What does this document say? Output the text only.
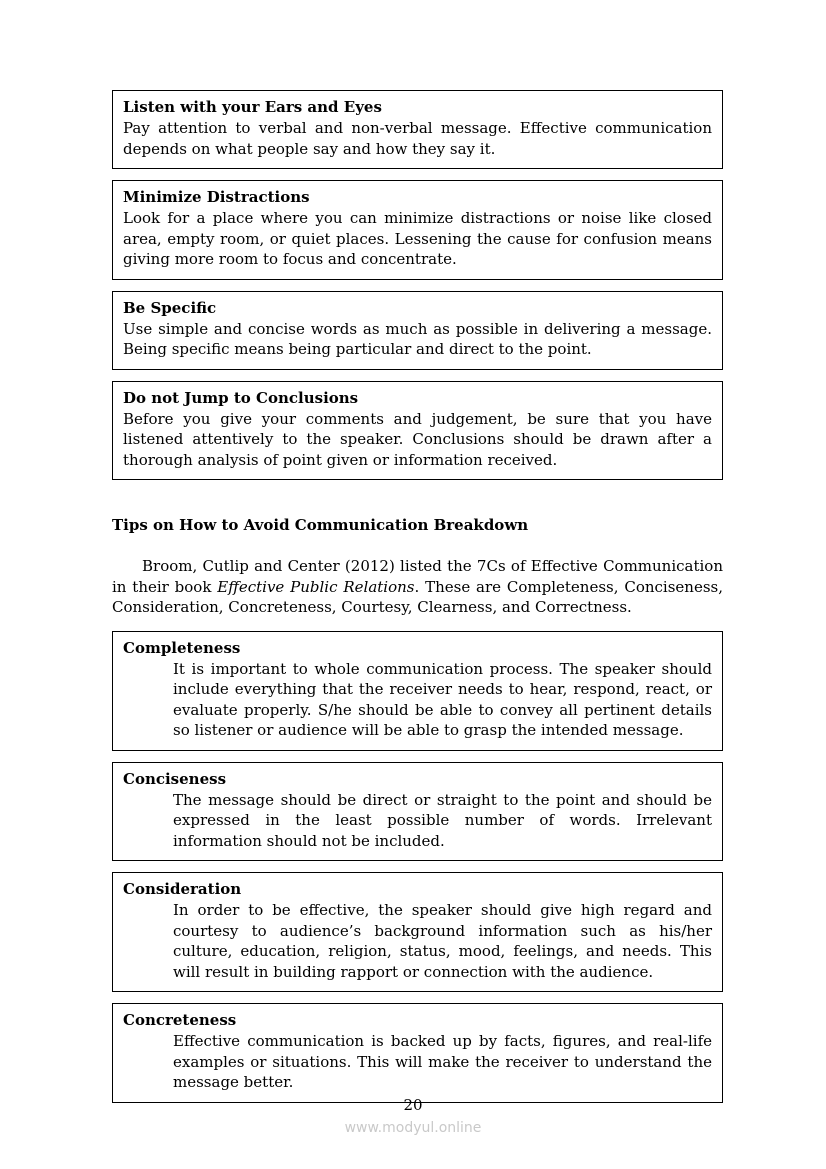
Listen with your Ears and Eyes
Pay attention to verbal and non-verbal message. Effective communication depends on what people say and how they say it.
Minimize Distractions
Look for a place where you can minimize distractions or noise like closed area, empty room, or quiet places. Lessening the cause for confusion means giving more room to focus and concentrate.
Be Specific
Use simple and concise words as much as possible in delivering a message. Being specific means being particular and direct to the point.
Do not Jump to Conclusions
Before you give your comments and judgement, be sure that you have listened attentively to the speaker. Conclusions should be drawn after a thorough analysis of point given or information received.
Tips on How to Avoid Communication Breakdown
Broom, Cutlip and Center (2012) listed the 7Cs of Effective Communication in their book Effective Public Relations. These are Completeness, Conciseness, Consideration, Concreteness, Courtesy, Clearness, and Correctness.
Completeness
It is important to whole communication process. The speaker should include everything that the receiver needs to hear, respond, react, or evaluate properly. S/he should be able to convey all pertinent details so listener or audience will be able to grasp the intended message.
Conciseness
The message should be direct or straight to the point and should be expressed in the least possible number of words. Irrelevant information should not be included.
Consideration
In order to be effective, the speaker should give high regard and courtesy to audience’s background information such as his/her culture, education, religion, status, mood, feelings, and needs. This will result in building rapport or connection with the audience.
Concreteness
Effective communication is backed up by facts, figures, and real-life examples or situations. This will make the receiver to understand the message better.
20
www.modyul.online
